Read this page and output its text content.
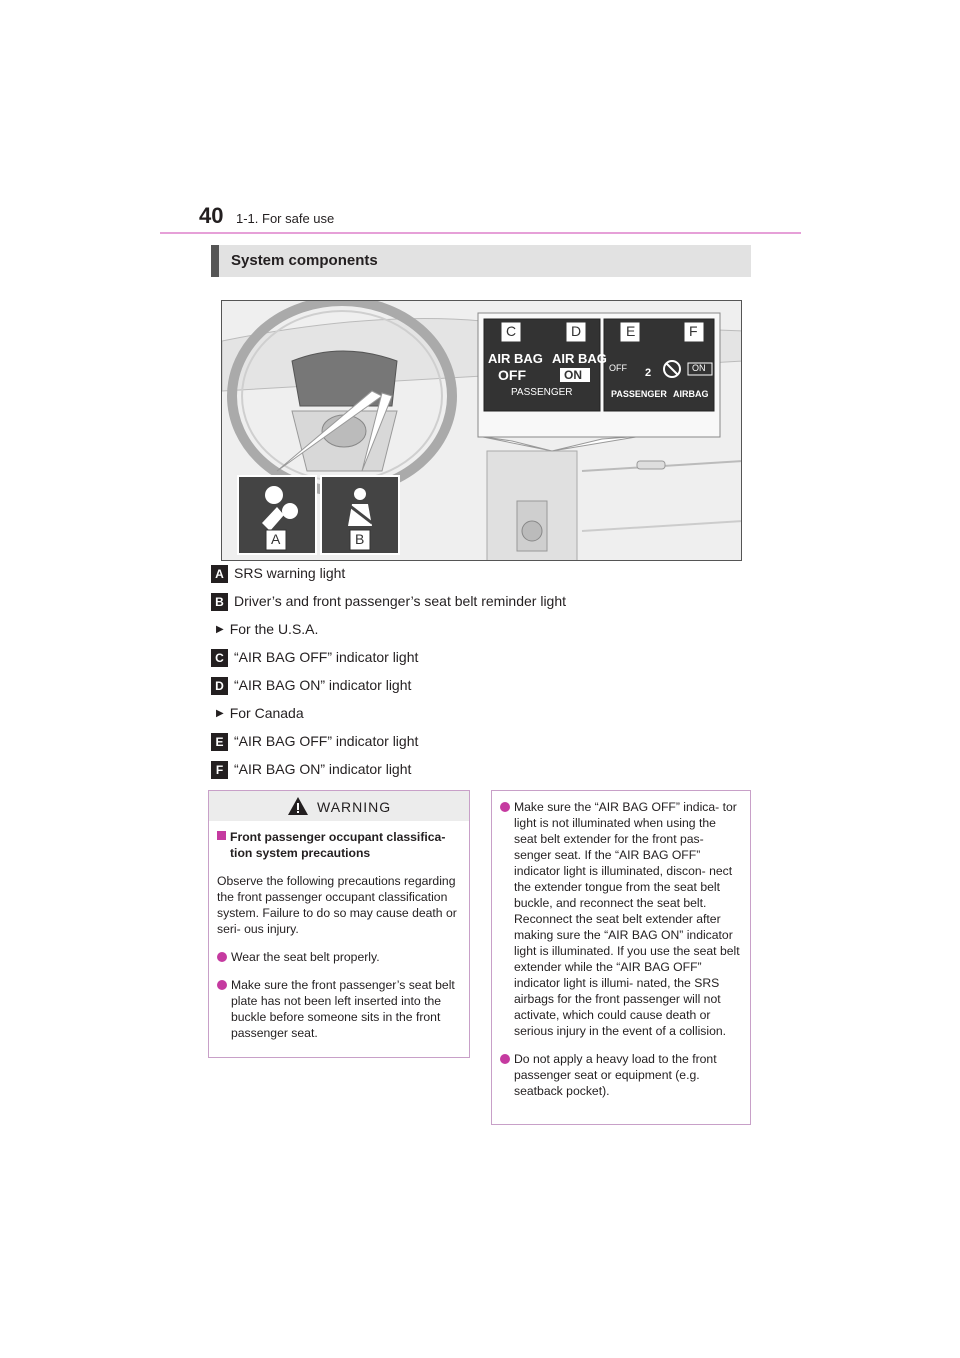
40 1-1. For safe use
System components
C	D	E	F
A	B
AIR BAG AIR BAG
OFF	ON
PASSENGER
OFF 2	ON
PASSENGER AIRBAG
A SRS warning light
B Driver’s and front passenger’s seat belt reminder light
▶ For the U.S.A.
C “AIR BAG OFF” indicator light
D “AIR BAG ON” indicator light
▶ For Canada
E “AIR BAG OFF” indicator light
F “AIR BAG ON” indicator light
WARNING

Front passenger occupant classifica-
tion system precautions

Observe the following precautions regarding the front passenger occupant classification system. Failure to do so may cause death or seri- ous injury.

Wear the seat belt properly.
Make sure the front passenger’s seat belt plate has not been left inserted into the buckle before someone sits in the front passenger seat.
Make sure the “AIR BAG OFF” indica- tor light is not illuminated when using the seat belt extender for the front pas- senger seat. If the “AIR BAG OFF” indicator light is illuminated, discon- nect the extender tongue from the seat belt buckle, and reconnect the seat belt. Reconnect the seat belt extender after making sure the “AIR BAG ON” indicator light is illuminated. If you use the seat belt extender while the “AIR BAG OFF” indicator light is illumi- nated, the SRS airbags for the front passenger will not activate, which could cause death or serious injury in the event of a collision.
Do not apply a heavy load to the front passenger seat or equipment (e.g. seatback pocket).
